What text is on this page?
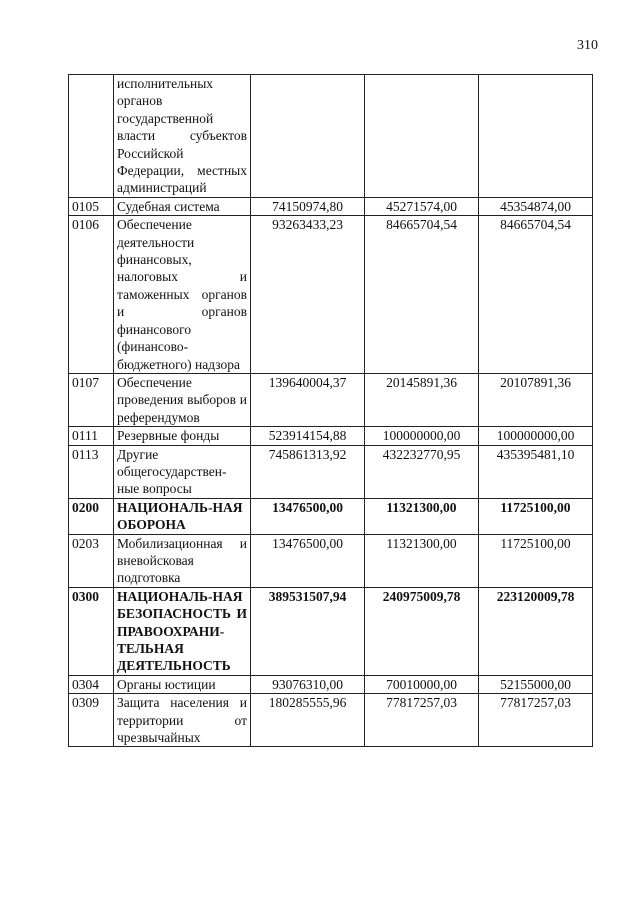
310
	исполнительных органов государственной власти субъектов Российской Федерации, местных администраций			
0105	Судебная система	74150974,80	45271574,00	45354874,00
0106	Обеспечение деятельности финансовых, налоговых и таможенных органов и органов финансового (финансово-бюджетного) надзора	93263433,23	84665704,54	84665704,54
0107	Обеспечение проведения выборов и референдумов	139640004,37	20145891,36	20107891,36
0111	Резервные фонды	523914154,88	100000000,00	100000000,00
0113	Другие общегосударствен-ные вопросы	745861313,92	432232770,95	435395481,10
0200	НАЦИОНАЛЬ-НАЯ ОБОРОНА	13476500,00	11321300,00	11725100,00
0203	Мобилизационная и вневойсковая подготовка	13476500,00	11321300,00	11725100,00
0300	НАЦИОНАЛЬ-НАЯ БЕЗОПАСНОСТЬ И ПРАВООХРАНИ-ТЕЛЬНАЯ ДЕЯТЕЛЬНОСТЬ	389531507,94	240975009,78	223120009,78
0304	Органы юстиции	93076310,00	70010000,00	52155000,00
0309	Защита населения и территории от чрезвычайных	180285555,96	77817257,03	77817257,03
